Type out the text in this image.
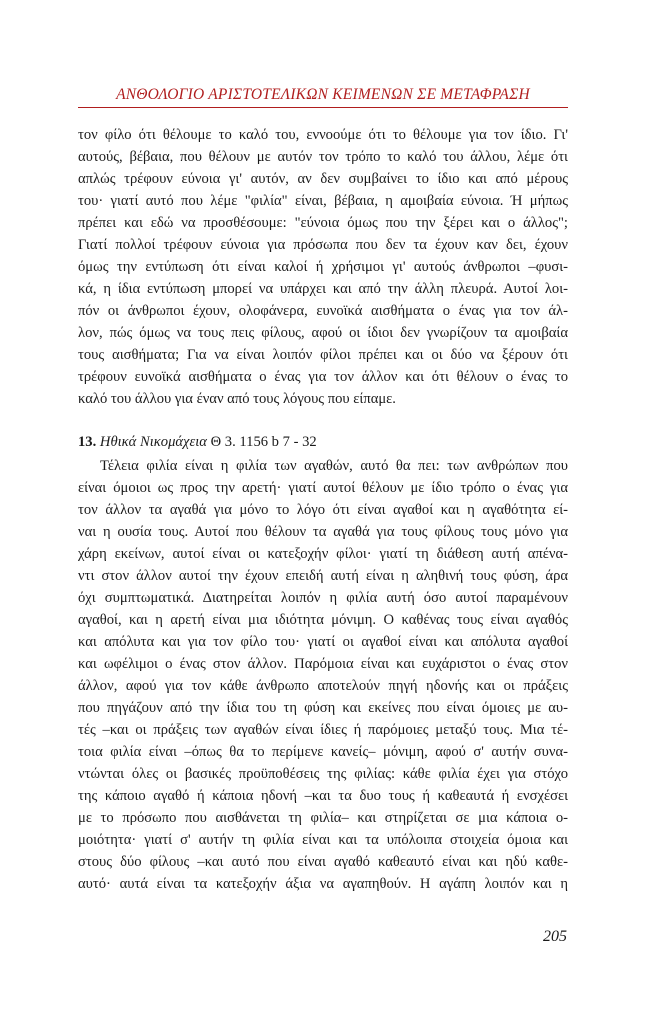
ΑΝΘΟΛΟΓΙΟ ΑΡΙΣΤΟΤΕΛΙΚΩΝ ΚΕΙΜΕΝΩΝ ΣΕ ΜΕΤΑΦΡΑΣΗ
τον φίλο ότι θέλουμε το καλό του, εννοούμε ότι το θέλουμε για τον ίδιο. Γι'
αυτούς, βέβαια, που θέλουν με αυτόν τον τρόπο το καλό του άλλου, λέμε ότι
απλώς τρέφουν εύνοια γι' αυτόν, αν δεν συμβαίνει το ίδιο και από μέρους
του· γιατί αυτό που λέμε "φιλία" είναι, βέβαια, η αμοιβαία εύνοια. Ή μήπως
πρέπει και εδώ να προσθέσουμε: "εύνοια όμως που την ξέρει και ο άλλος";
Γιατί πολλοί τρέφουν εύνοια για πρόσωπα που δεν τα έχουν καν δει, έχουν
όμως την εντύπωση ότι είναι καλοί ή χρήσιμοι γι' αυτούς άνθρωποι –φυσι-
κά, η ίδια εντύπωση μπορεί να υπάρχει και από την άλλη πλευρά. Αυτοί λοι-
πόν οι άνθρωποι έχουν, ολοφάνερα, ευνοϊκά αισθήματα ο ένας για τον άλ-
λον, πώς όμως να τους πεις φίλους, αφού οι ίδιοι δεν γνωρίζουν τα αμοιβαία
τους αισθήματα; Για να είναι λοιπόν φίλοι πρέπει και οι δύο να ξέρουν ότι
τρέφουν ευνοϊκά αισθήματα ο ένας για τον άλλον και ότι θέλουν ο ένας το
καλό του άλλου για έναν από τους λόγους που είπαμε.
13. Ηθικά Νικομάχεια Θ 3. 1156 b 7 - 32
Τέλεια φιλία είναι η φιλία των αγαθών, αυτό θα πει: των ανθρώπων που
είναι όμοιοι ως προς την αρετή· γιατί αυτοί θέλουν με ίδιο τρόπο ο ένας για
τον άλλον τα αγαθά για μόνο το λόγο ότι είναι αγαθοί και η αγαθότητα εί-
ναι η ουσία τους. Αυτοί που θέλουν τα αγαθά για τους φίλους τους μόνο για
χάρη εκείνων, αυτοί είναι οι κατεξοχήν φίλοι· γιατί τη διάθεση αυτή απένα-
ντι στον άλλον αυτοί την έχουν επειδή αυτή είναι η αληθινή τους φύση, άρα
όχι συμπτωματικά. Διατηρείται λοιπόν η φιλία αυτή όσο αυτοί παραμένουν
αγαθοί, και η αρετή είναι μια ιδιότητα μόνιμη. Ο καθένας τους είναι αγαθός
και απόλυτα και για τον φίλο του· γιατί οι αγαθοί είναι και απόλυτα αγαθοί
και ωφέλιμοι ο ένας στον άλλον. Παρόμοια είναι και ευχάριστοι ο ένας στον
άλλον, αφού για τον κάθε άνθρωπο αποτελούν πηγή ηδονής και οι πράξεις
που πηγάζουν από την ίδια του τη φύση και εκείνες που είναι όμοιες με αυ-
τές –και οι πράξεις των αγαθών είναι ίδιες ή παρόμοιες μεταξύ τους. Μια τέ-
τοια φιλία είναι –όπως θα το περίμενε κανείς– μόνιμη, αφού σ' αυτήν συνα-
ντώνται όλες οι βασικές προϋποθέσεις της φιλίας: κάθε φιλία έχει για στόχο
της κάποιο αγαθό ή κάποια ηδονή –και τα δυο τους ή καθεαυτά ή ενσχέσει
με το πρόσωπο που αισθάνεται τη φιλία– και στηρίζεται σε μια κάποια ο-
μοιότητα· γιατί σ' αυτήν τη φιλία είναι και τα υπόλοιπα στοιχεία όμοια και
στους δύο φίλους –και αυτό που είναι αγαθό καθεαυτό είναι και ηδύ καθε-
αυτό· αυτά είναι τα κατεξοχήν άξια να αγαπηθούν. Η αγάπη λοιπόν και η
205
